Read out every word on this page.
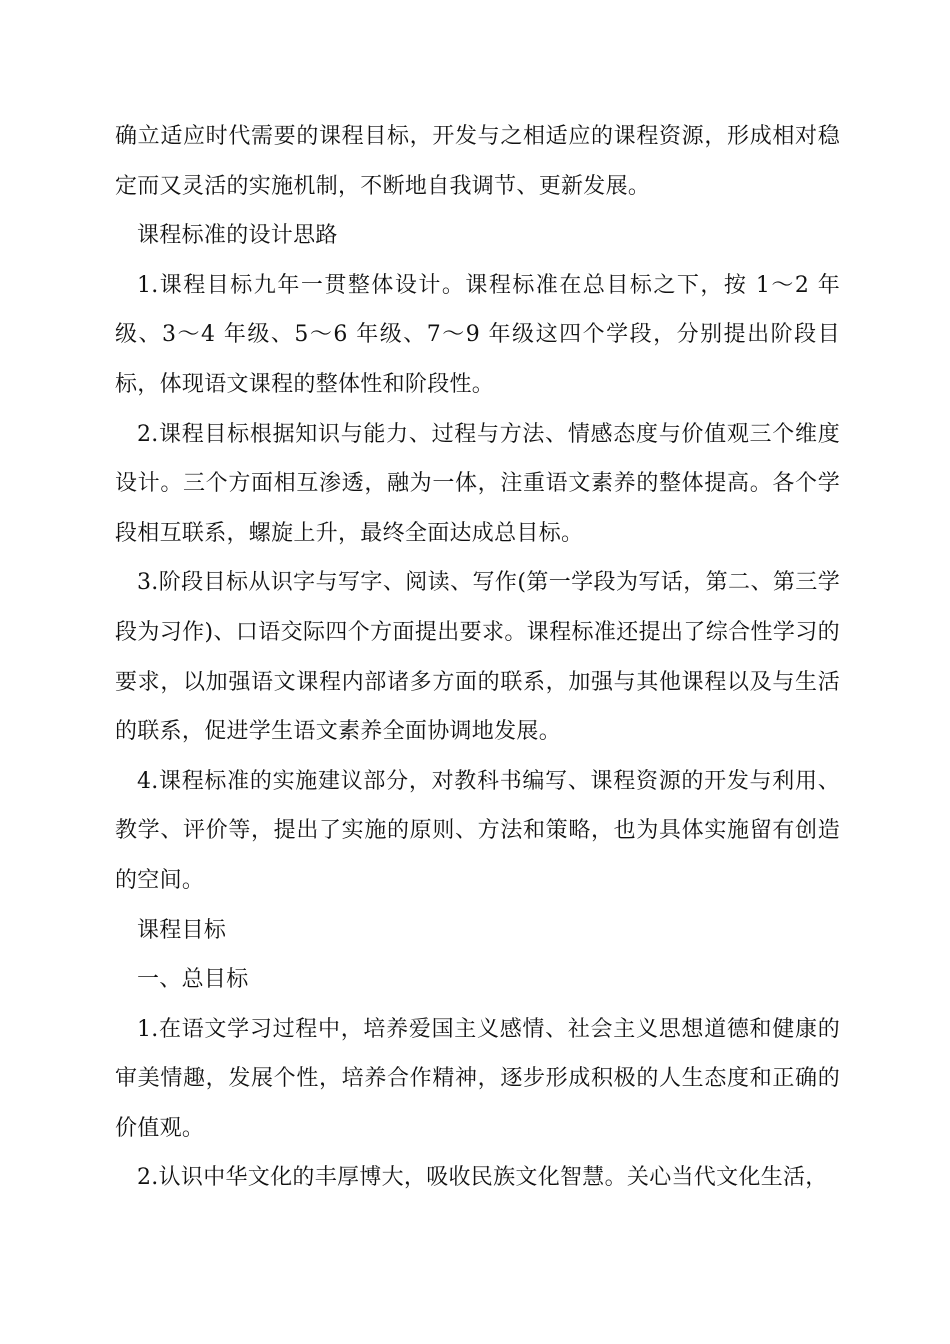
确立适应时代需要的课程目标，开发与之相适应的课程资源，形成相对稳定而又灵活的实施机制，不断地自我调节、更新发展。

课程标准的设计思路

1.课程目标九年一贯整体设计。课程标准在总目标之下，按 1～2 年级、3～4 年级、5～6 年级、7～9 年级这四个学段，分别提出阶段目标，体现语文课程的整体性和阶段性。

2.课程目标根据知识与能力、过程与方法、情感态度与价值观三个维度设计。三个方面相互渗透，融为一体，注重语文素养的整体提高。各个学段相互联系，螺旋上升，最终全面达成总目标。

3.阶段目标从识字与写字、阅读、写作(第一学段为写话，第二、第三学段为习作)、口语交际四个方面提出要求。课程标准还提出了综合性学习的要求，以加强语文课程内部诸多方面的联系，加强与其他课程以及与生活的联系，促进学生语文素养全面协调地发展。

4.课程标准的实施建议部分，对教科书编写、课程资源的开发与利用、教学、评价等，提出了实施的原则、方法和策略，也为具体实施留有创造的空间。

课程目标

一、总目标

1.在语文学习过程中，培养爱国主义感情、社会主义思想道德和健康的审美情趣，发展个性，培养合作精神，逐步形成积极的人生态度和正确的价值观。

2.认识中华文化的丰厚博大，吸收民族文化智慧。关心当代文化生活，
